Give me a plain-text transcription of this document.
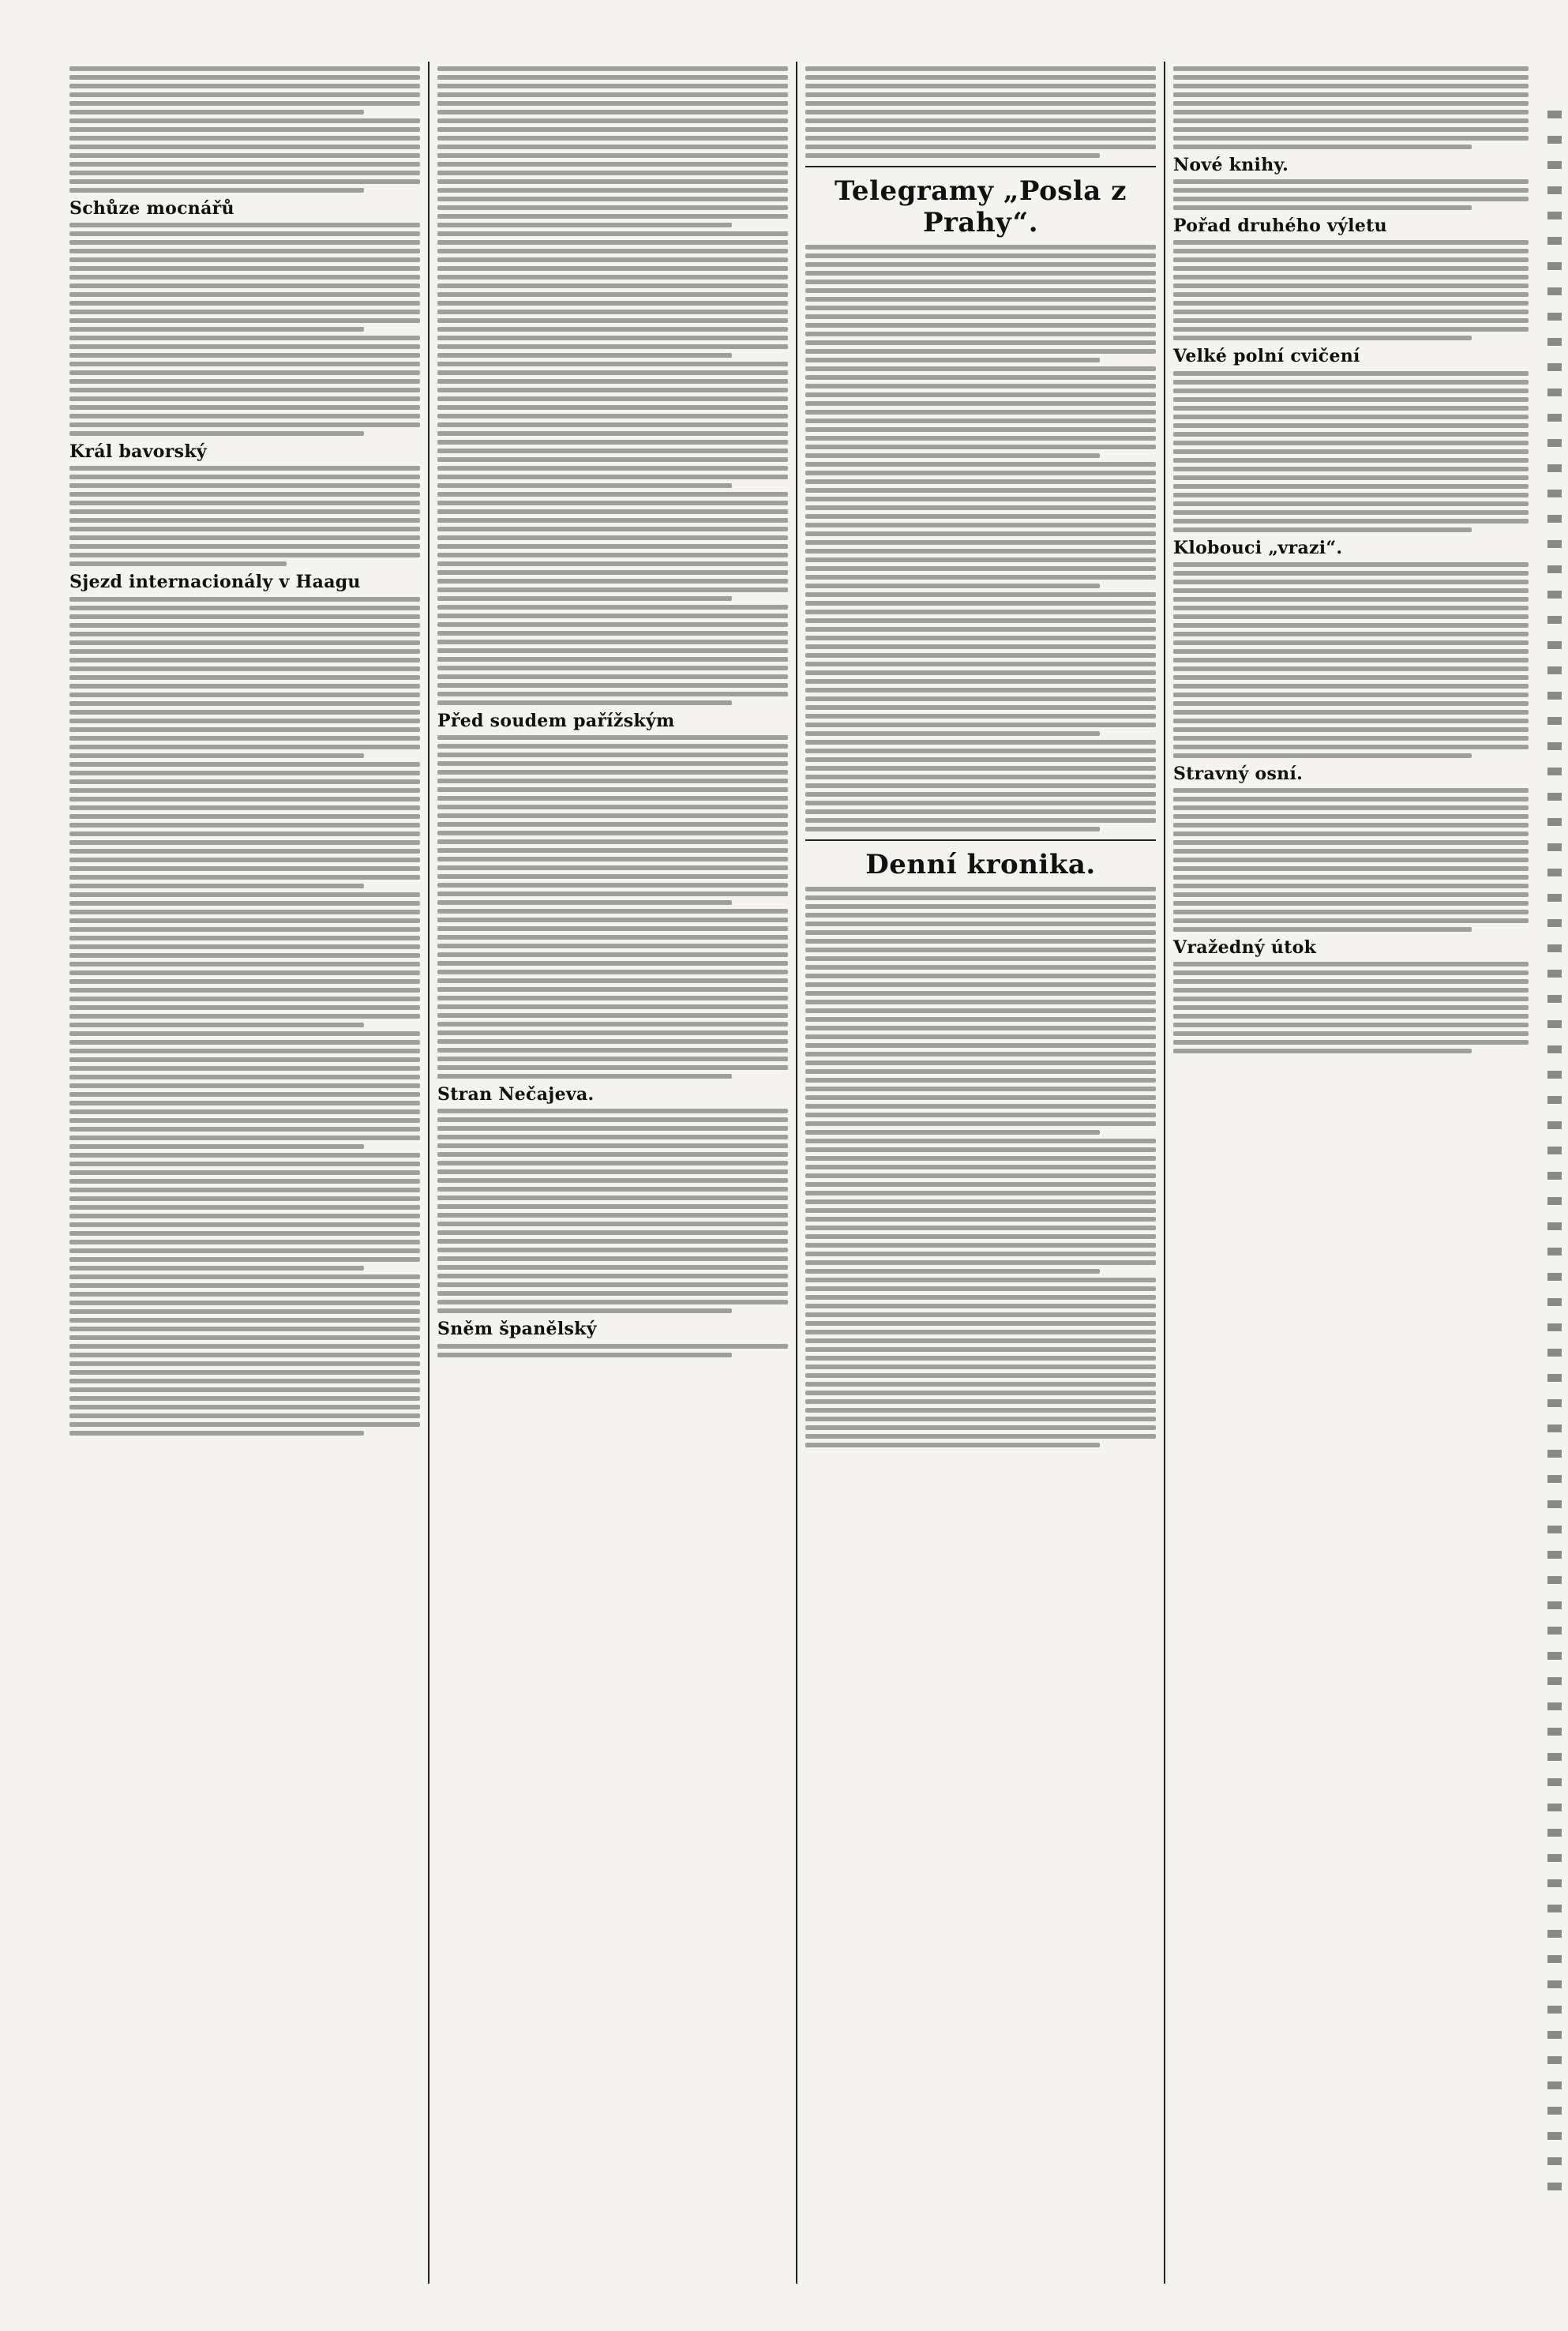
Schůze mocnářů
Král bavorský
Sjezd internacionály v Haagu
Před soudem pařížským
Stran Nečajeva.
Sněm španělský
Telegramy „Posla z Prahy“.
Denní kronika.
Nové knihy.
Pořad druhého výletu
Velké polní cvičení
Klobouci „vrazi“.
Stravný osní.
Vražedný útok
